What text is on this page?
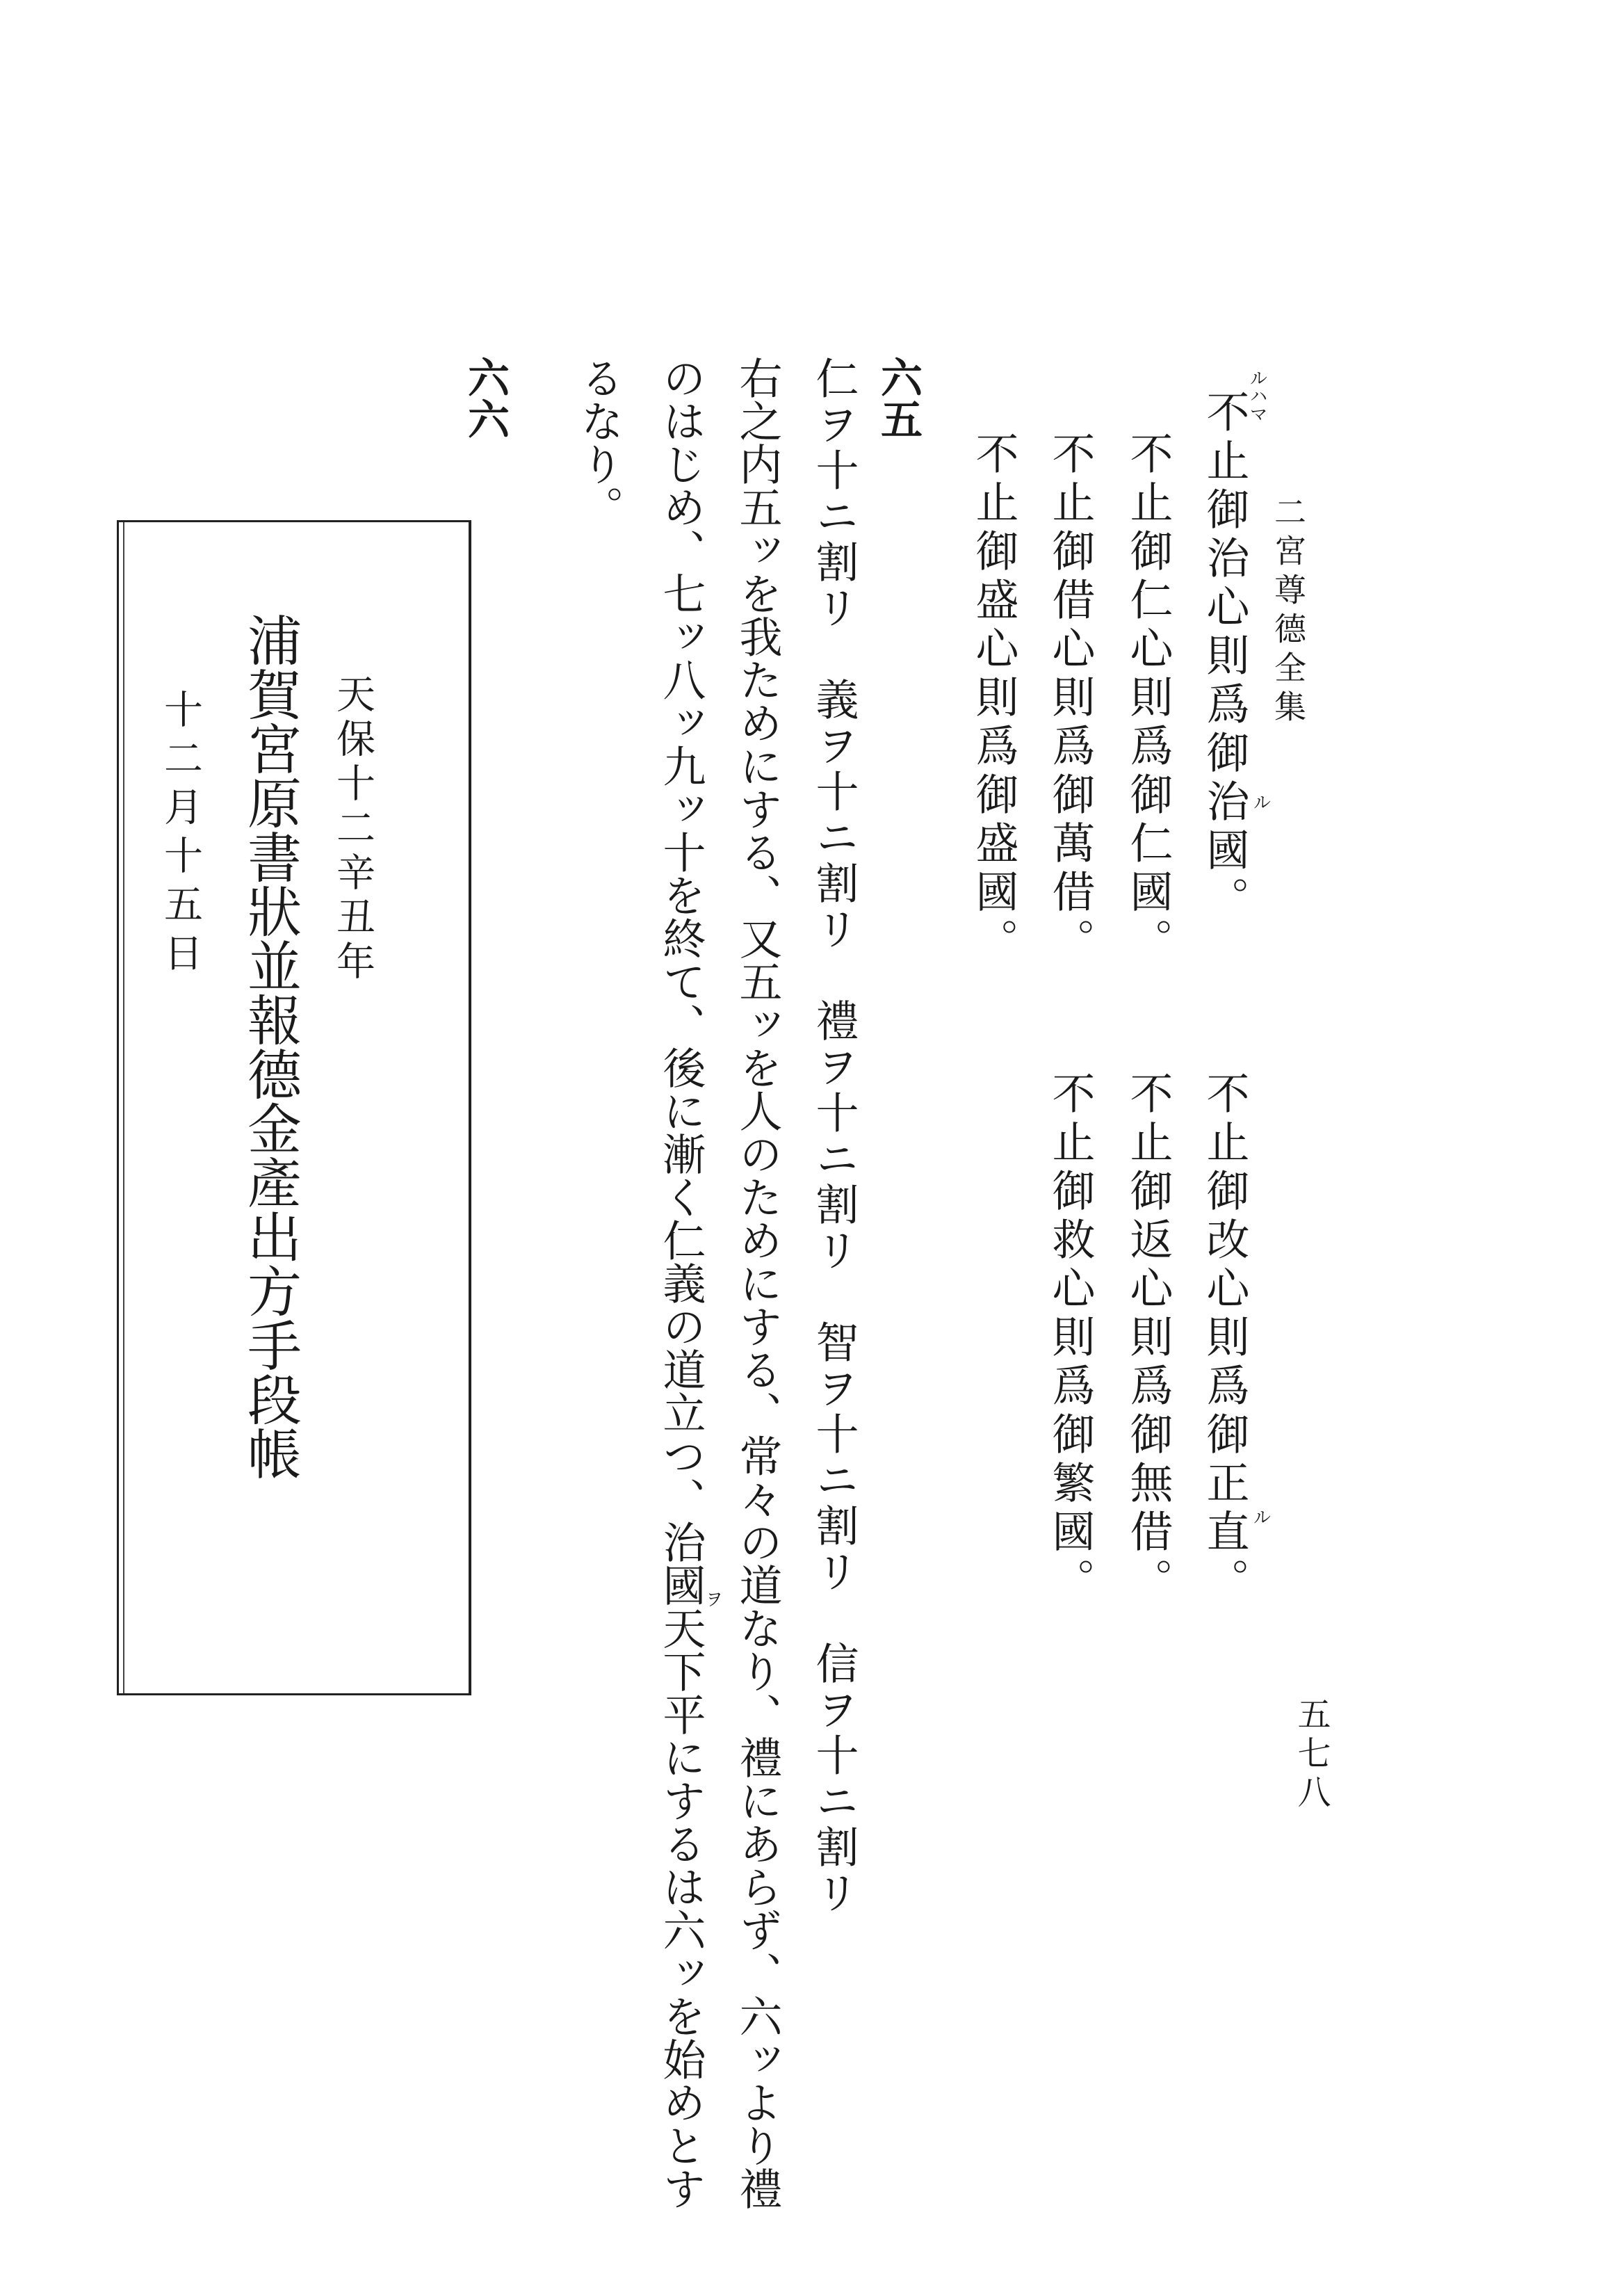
二宮尊德全集
五七八
不止御治心則爲御治國。
不止御仁心則爲御仁國。
不止御借心則爲御萬借。
不止御盛心則爲御盛國。
不止御改心則爲御正直。
不止御返心則爲御無借。
不止御救心則爲御繁國。
ルハマ
ル
ル
六五
仁ヲ十ニ割リ　義ヲ十ニ割リ　禮ヲ十ニ割リ　智ヲ十ニ割リ　信ヲ十ニ割リ
右之内五ッを我ためにする、又五ッを人のためにする、常々の道なり、禮にあらず、六ッより禮
のはじめ、七ッ八ッ九ッ十を終て、後に漸く仁義の道立つ、治國天下平にするは六ッを始めとす
るなり。
ヲ
六六
天保十二辛丑年
浦賀宮原書狀並報德金產出方手段帳
十二月十五日
